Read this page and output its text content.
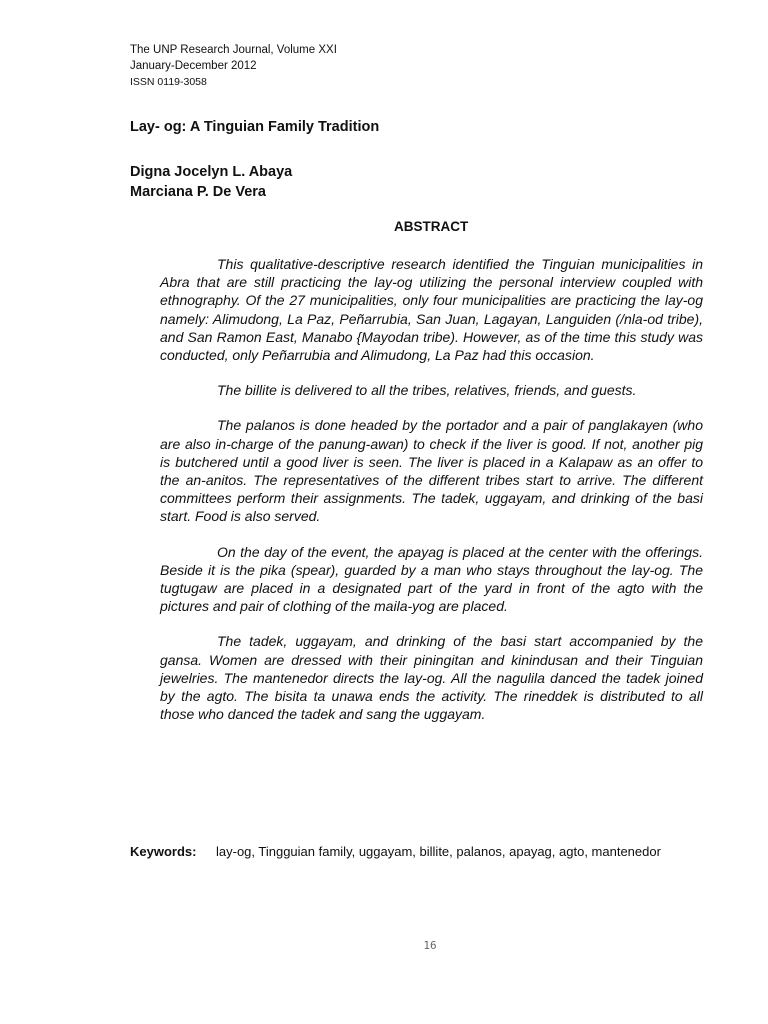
The UNP Research Journal, Volume XXI
January-December 2012
ISSN 0119-3058
Lay- og: A Tinguian Family Tradition
Digna Jocelyn L. Abaya
Marciana P. De Vera
ABSTRACT

This qualitative-descriptive research identified the Tinguian municipalities in Abra that are still practicing the lay-og utilizing the personal interview coupled with ethnography. Of the 27 municipalities, only four municipalities are practicing the lay-og namely: Alimudong, La Paz, Peñarrubia, San Juan, Lagayan, Languiden (/nla-od tribe), and San Ramon East, Manabo {Mayodan tribe). However, as of the time this study was conducted, only Peñarrubia and Alimudong, La Paz had this occasion.

The billite is delivered to all the tribes, relatives, friends, and guests.

The palanos is done headed by the portador and a pair of panglakayen (who are also in-charge of the panung-awan) to check if the liver is good. If not, another pig is butchered until a good liver is seen. The liver is placed in a Kalapaw as an offer to the an-anitos. The representatives of the different tribes start to arrive. The different committees perform their assignments. The tadek, uggayam, and drinking of the basi start. Food is also served.

On the day of the event, the apayag is placed at the center with the offerings. Beside it is the pika (spear), guarded by a man who stays throughout the lay-og. The tugtugaw are placed in a designated part of the yard in front of the agto with the pictures and pair of clothing of the maila-yog are placed.

The tadek, uggayam, and drinking of the basi start accompanied by the gansa. Women are dressed with their piningitan and kinindusan and their Tinguian jewelries. The mantenedor directs the lay-og. All the nagulila danced the tadek joined by the agto. The bisita ta unawa ends the activity. The rineddek is distributed to all those who danced the tadek and sang the uggayam.

Keywords:	lay-og, Tingguian family, uggayam, billite, palanos, apayag, agto, mantenedor
16
